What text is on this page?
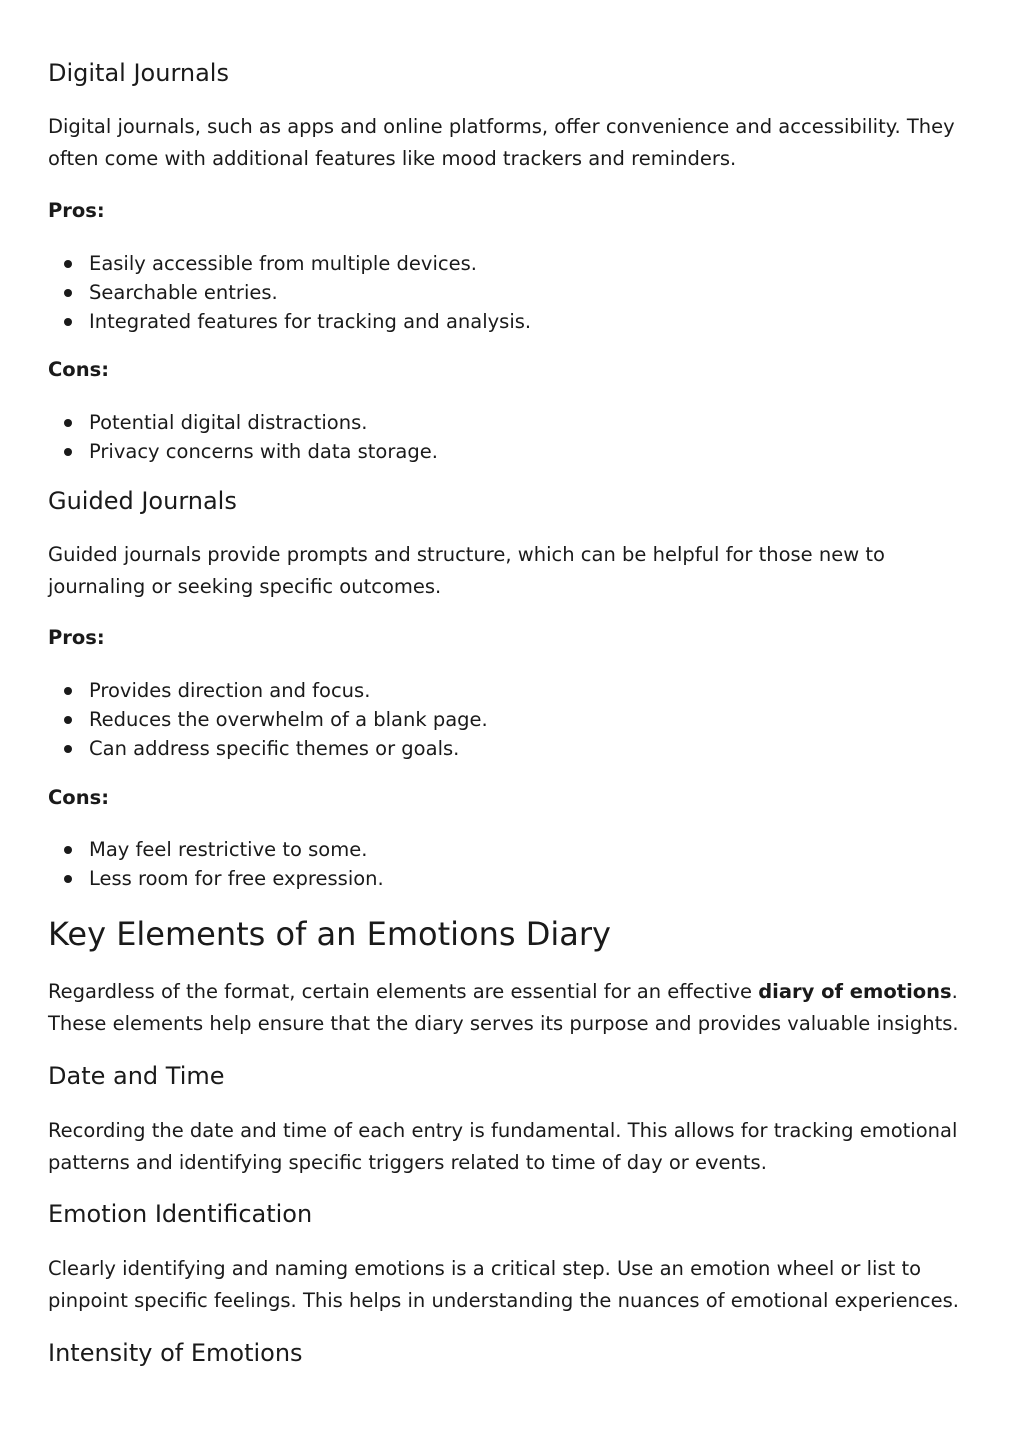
Digital Journals

Digital journals, such as apps and online platforms, offer convenience and accessibility. They often come with additional features like mood trackers and reminders.

Pros:
Easily accessible from multiple devices.
Searchable entries.
Integrated features for tracking and analysis.
Cons:
Potential digital distractions.
Privacy concerns with data storage.
Guided Journals

Guided journals provide prompts and structure, which can be helpful for those new to journaling or seeking specific outcomes.

Pros:
Provides direction and focus.
Reduces the overwhelm of a blank page.
Can address specific themes or goals.
Cons:
May feel restrictive to some.
Less room for free expression.
Key Elements of an Emotions Diary

Regardless of the format, certain elements are essential for an effective diary of emotions. These elements help ensure that the diary serves its purpose and provides valuable insights.

Date and Time

Recording the date and time of each entry is fundamental. This allows for tracking emotional patterns and identifying specific triggers related to time of day or events.

Emotion Identification

Clearly identifying and naming emotions is a critical step. Use an emotion wheel or list to pinpoint specific feelings. This helps in understanding the nuances of emotional experiences.

Intensity of Emotions
